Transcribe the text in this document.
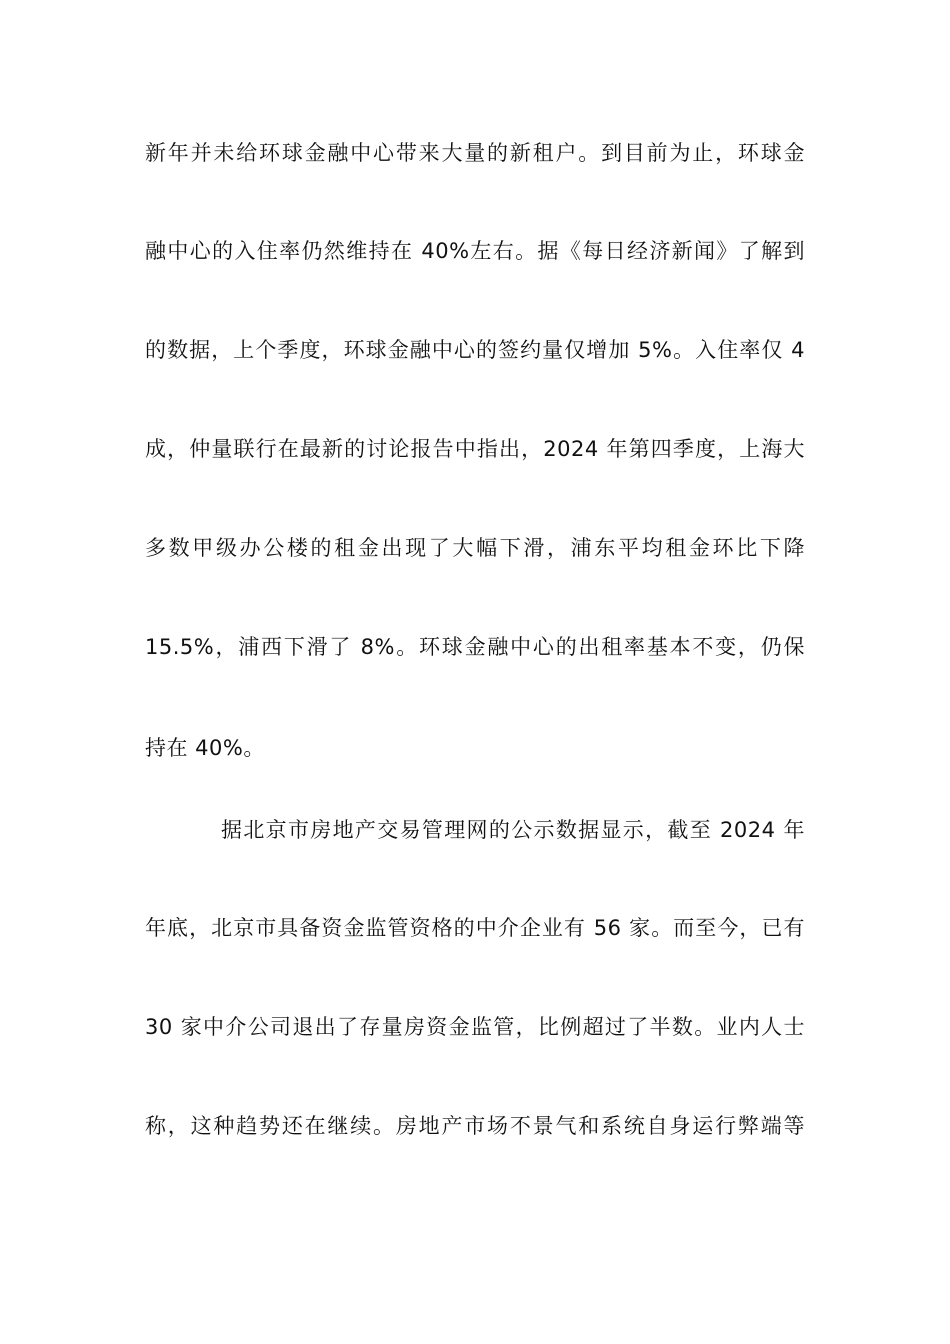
新年并未给环球金融中心带来大量的新租户。到目前为止，环球金
融中心的入住率仍然维持在 40%左右。据《每日经济新闻》了解到
的数据，上个季度，环球金融中心的签约量仅增加 5%。入住率仅 4
成，仲量联行在最新的讨论报告中指出，2024 年第四季度，上海大
多数甲级办公楼的租金出现了大幅下滑，浦东平均租金环比下降
15.5%，浦西下滑了 8%。环球金融中心的出租率基本不变，仍保
持在 40%。
据北京市房地产交易管理网的公示数据显示，截至 2024 年
年底，北京市具备资金监管资格的中介企业有 56 家。而至今，已有
30 家中介公司退出了存量房资金监管，比例超过了半数。业内人士
称，这种趋势还在继续。房地产市场不景气和系统自身运行弊端等
